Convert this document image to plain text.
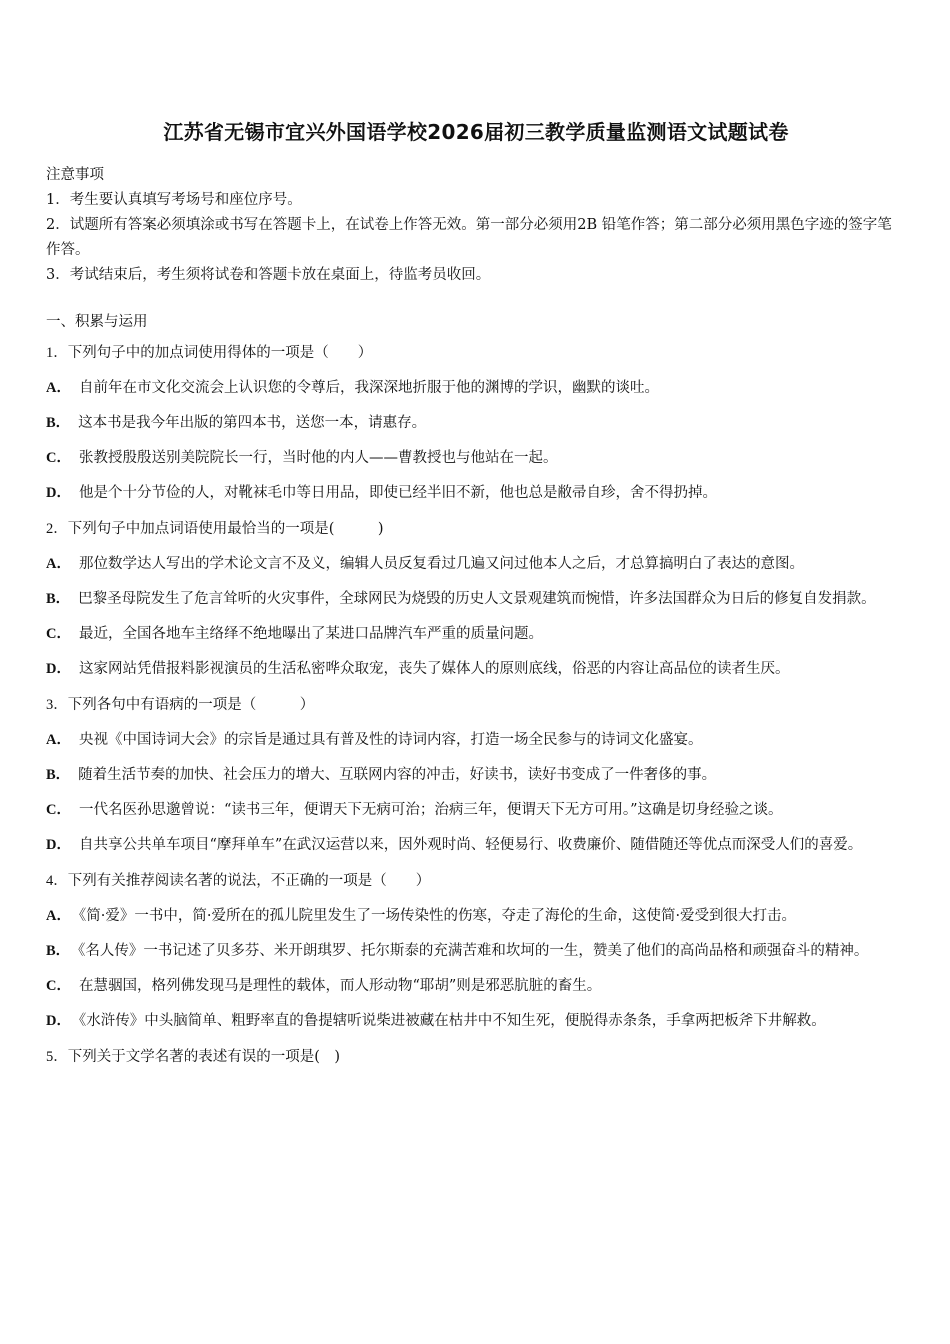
江苏省无锡市宜兴外国语学校2026届初三教学质量监测语文试题试卷
注意事项
1．考生要认真填写考场号和座位序号。
2．试题所有答案必须填涂或书写在答题卡上，在试卷上作答无效。第一部分必须用2B 铅笔作答；第二部分必须用黑色字迹的签字笔作答。
3．考试结束后，考生须将试卷和答题卡放在桌面上，待监考员收回。
一、积累与运用
1．下列句子中的加点词使用得体的一项是（　　）
A． 自前年在市文化交流会上认识您的令尊后，我深深地折服于他的渊博的学识，幽默的谈吐。
B． 这本书是我今年出版的第四本书，送您一本，请惠存。
C． 张教授殷殷送别美院院长一行，当时他的内人——曹教授也与他站在一起。
D． 他是个十分节俭的人，对靴袜毛巾等日用品，即使已经半旧不新，他也总是敝帚自珍，舍不得扔掉。
2．下列句子中加点词语使用最恰当的一项是(　　　)
A． 那位数学达人写出的学术论文言不及义，编辑人员反复看过几遍又问过他本人之后，才总算搞明白了表达的意图。
B． 巴黎圣母院发生了危言耸听的火灾事件，全球网民为烧毁的历史人文景观建筑而惋惜，许多法国群众为日后的修复自发捐款。
C． 最近，全国各地车主络绎不绝地曝出了某进口品牌汽车严重的质量问题。
D． 这家网站凭借报料影视演员的生活私密哗众取宠，丧失了媒体人的原则底线，俗恶的内容让高品位的读者生厌。
3．下列各句中有语病的一项是（　　　）
A． 央视《中国诗词大会》的宗旨是通过具有普及性的诗词内容，打造一场全民参与的诗词文化盛宴。
B． 随着生活节奏的加快、社会压力的增大、互联网内容的冲击，好读书，读好书变成了一件奢侈的事。
C． 一代名医孙思邈曾说：“读书三年，便谓天下无病可治；治病三年，便谓天下无方可用。”这确是切身经验之谈。
D． 自共享公共单车项目“摩拜单车”在武汉运营以来，因外观时尚、轻便易行、收费廉价、随借随还等优点而深受人们的喜爱。
4．下列有关推荐阅读名著的说法，不正确的一项是（　　）
A． 《简·爱》一书中，简·爱所在的孤儿院里发生了一场传染性的伤寒，夺走了海伦的生命，这使简·爱受到很大打击。
B． 《名人传》一书记述了贝多芬、米开朗琪罗、托尔斯泰的充满苦难和坎坷的一生，赞美了他们的高尚品格和顽强奋斗的精神。
C． 在慧骃国，格列佛发现马是理性的载体，而人形动物“耶胡”则是邪恶肮脏的畜生。
D． 《水浒传》中头脑简单、粗野率直的鲁提辖听说柴进被藏在枯井中不知生死，便脱得赤条条，手拿两把板斧下井解救。
5．下列关于文学名著的表述有误的一项是(　)
